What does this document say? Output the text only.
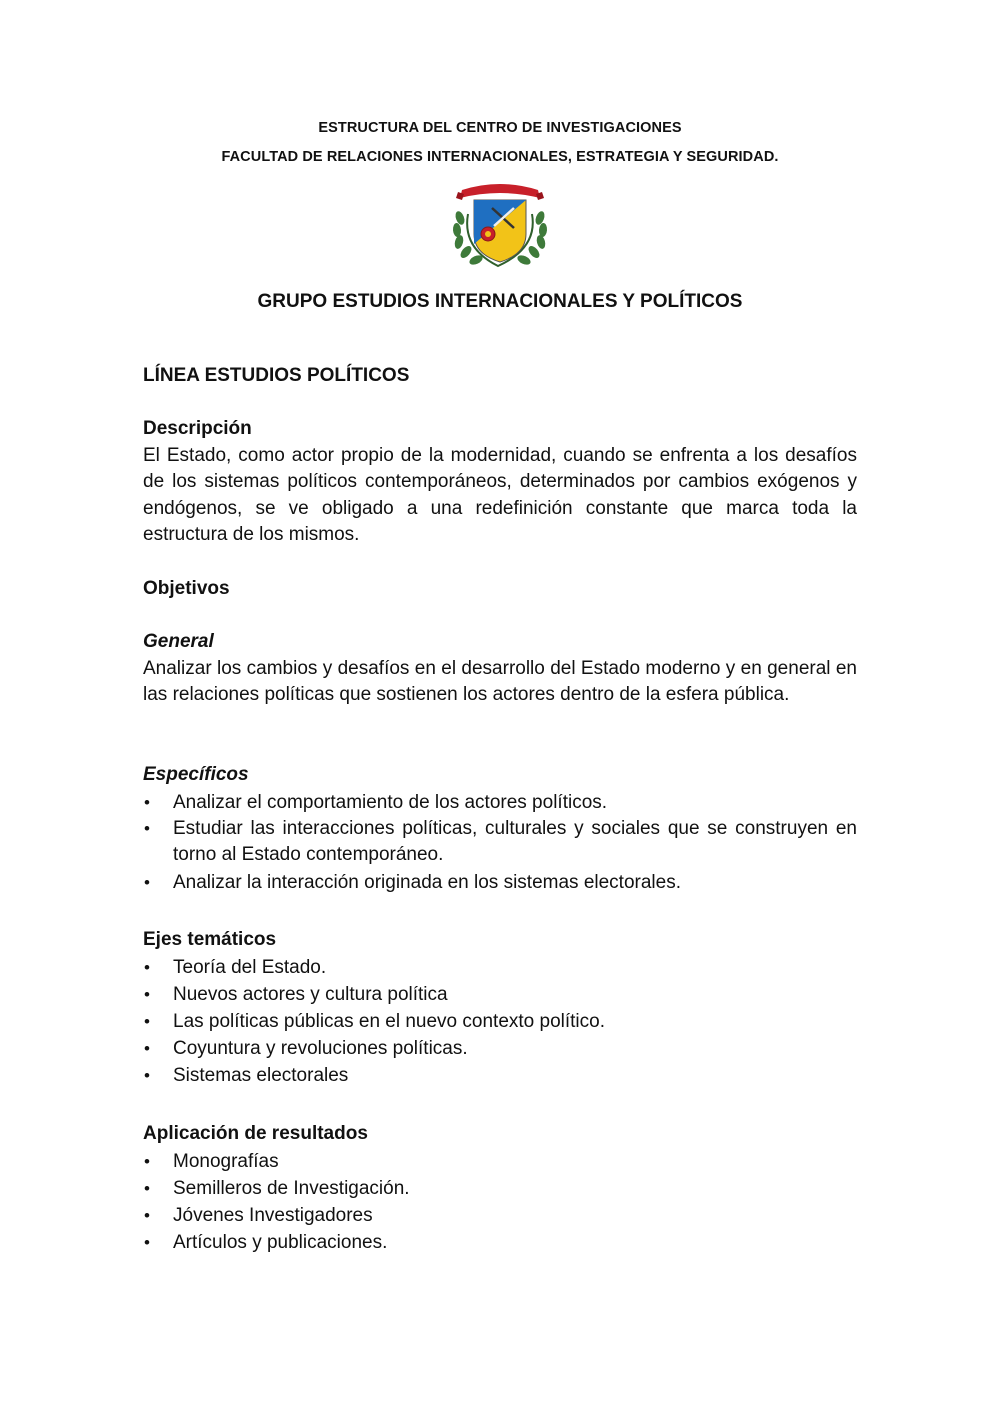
ESTRUCTURA DEL CENTRO DE INVESTIGACIONES
FACULTAD DE RELACIONES INTERNACIONALES, ESTRATEGIA Y SEGURIDAD.
GRUPO ESTUDIOS INTERNACIONALES Y POLÍTICOS
LÍNEA ESTUDIOS POLÍTICOS
Descripción
El Estado, como actor propio de la modernidad, cuando se enfrenta a los desafíos de los sistemas políticos contemporáneos, determinados por cambios exógenos y endógenos, se ve obligado a una redefinición constante que marca toda la estructura de los mismos.
Objetivos
General
Analizar los cambios y desafíos en el desarrollo del Estado moderno y en general en las relaciones políticas que sostienen los actores dentro de la esfera pública.
Específicos
• Analizar el comportamiento de los actores políticos.
• Estudiar las interacciones políticas, culturales y sociales que se construyen en torno al Estado contemporáneo.
• Analizar la interacción originada en los sistemas electorales.
Ejes temáticos
• Teoría del Estado.
• Nuevos actores y cultura política
• Las políticas públicas en el nuevo contexto político.
• Coyuntura y revoluciones políticas.
• Sistemas electorales
Aplicación de resultados
• Monografías
• Semilleros de Investigación.
• Jóvenes Investigadores
• Artículos y publicaciones.
